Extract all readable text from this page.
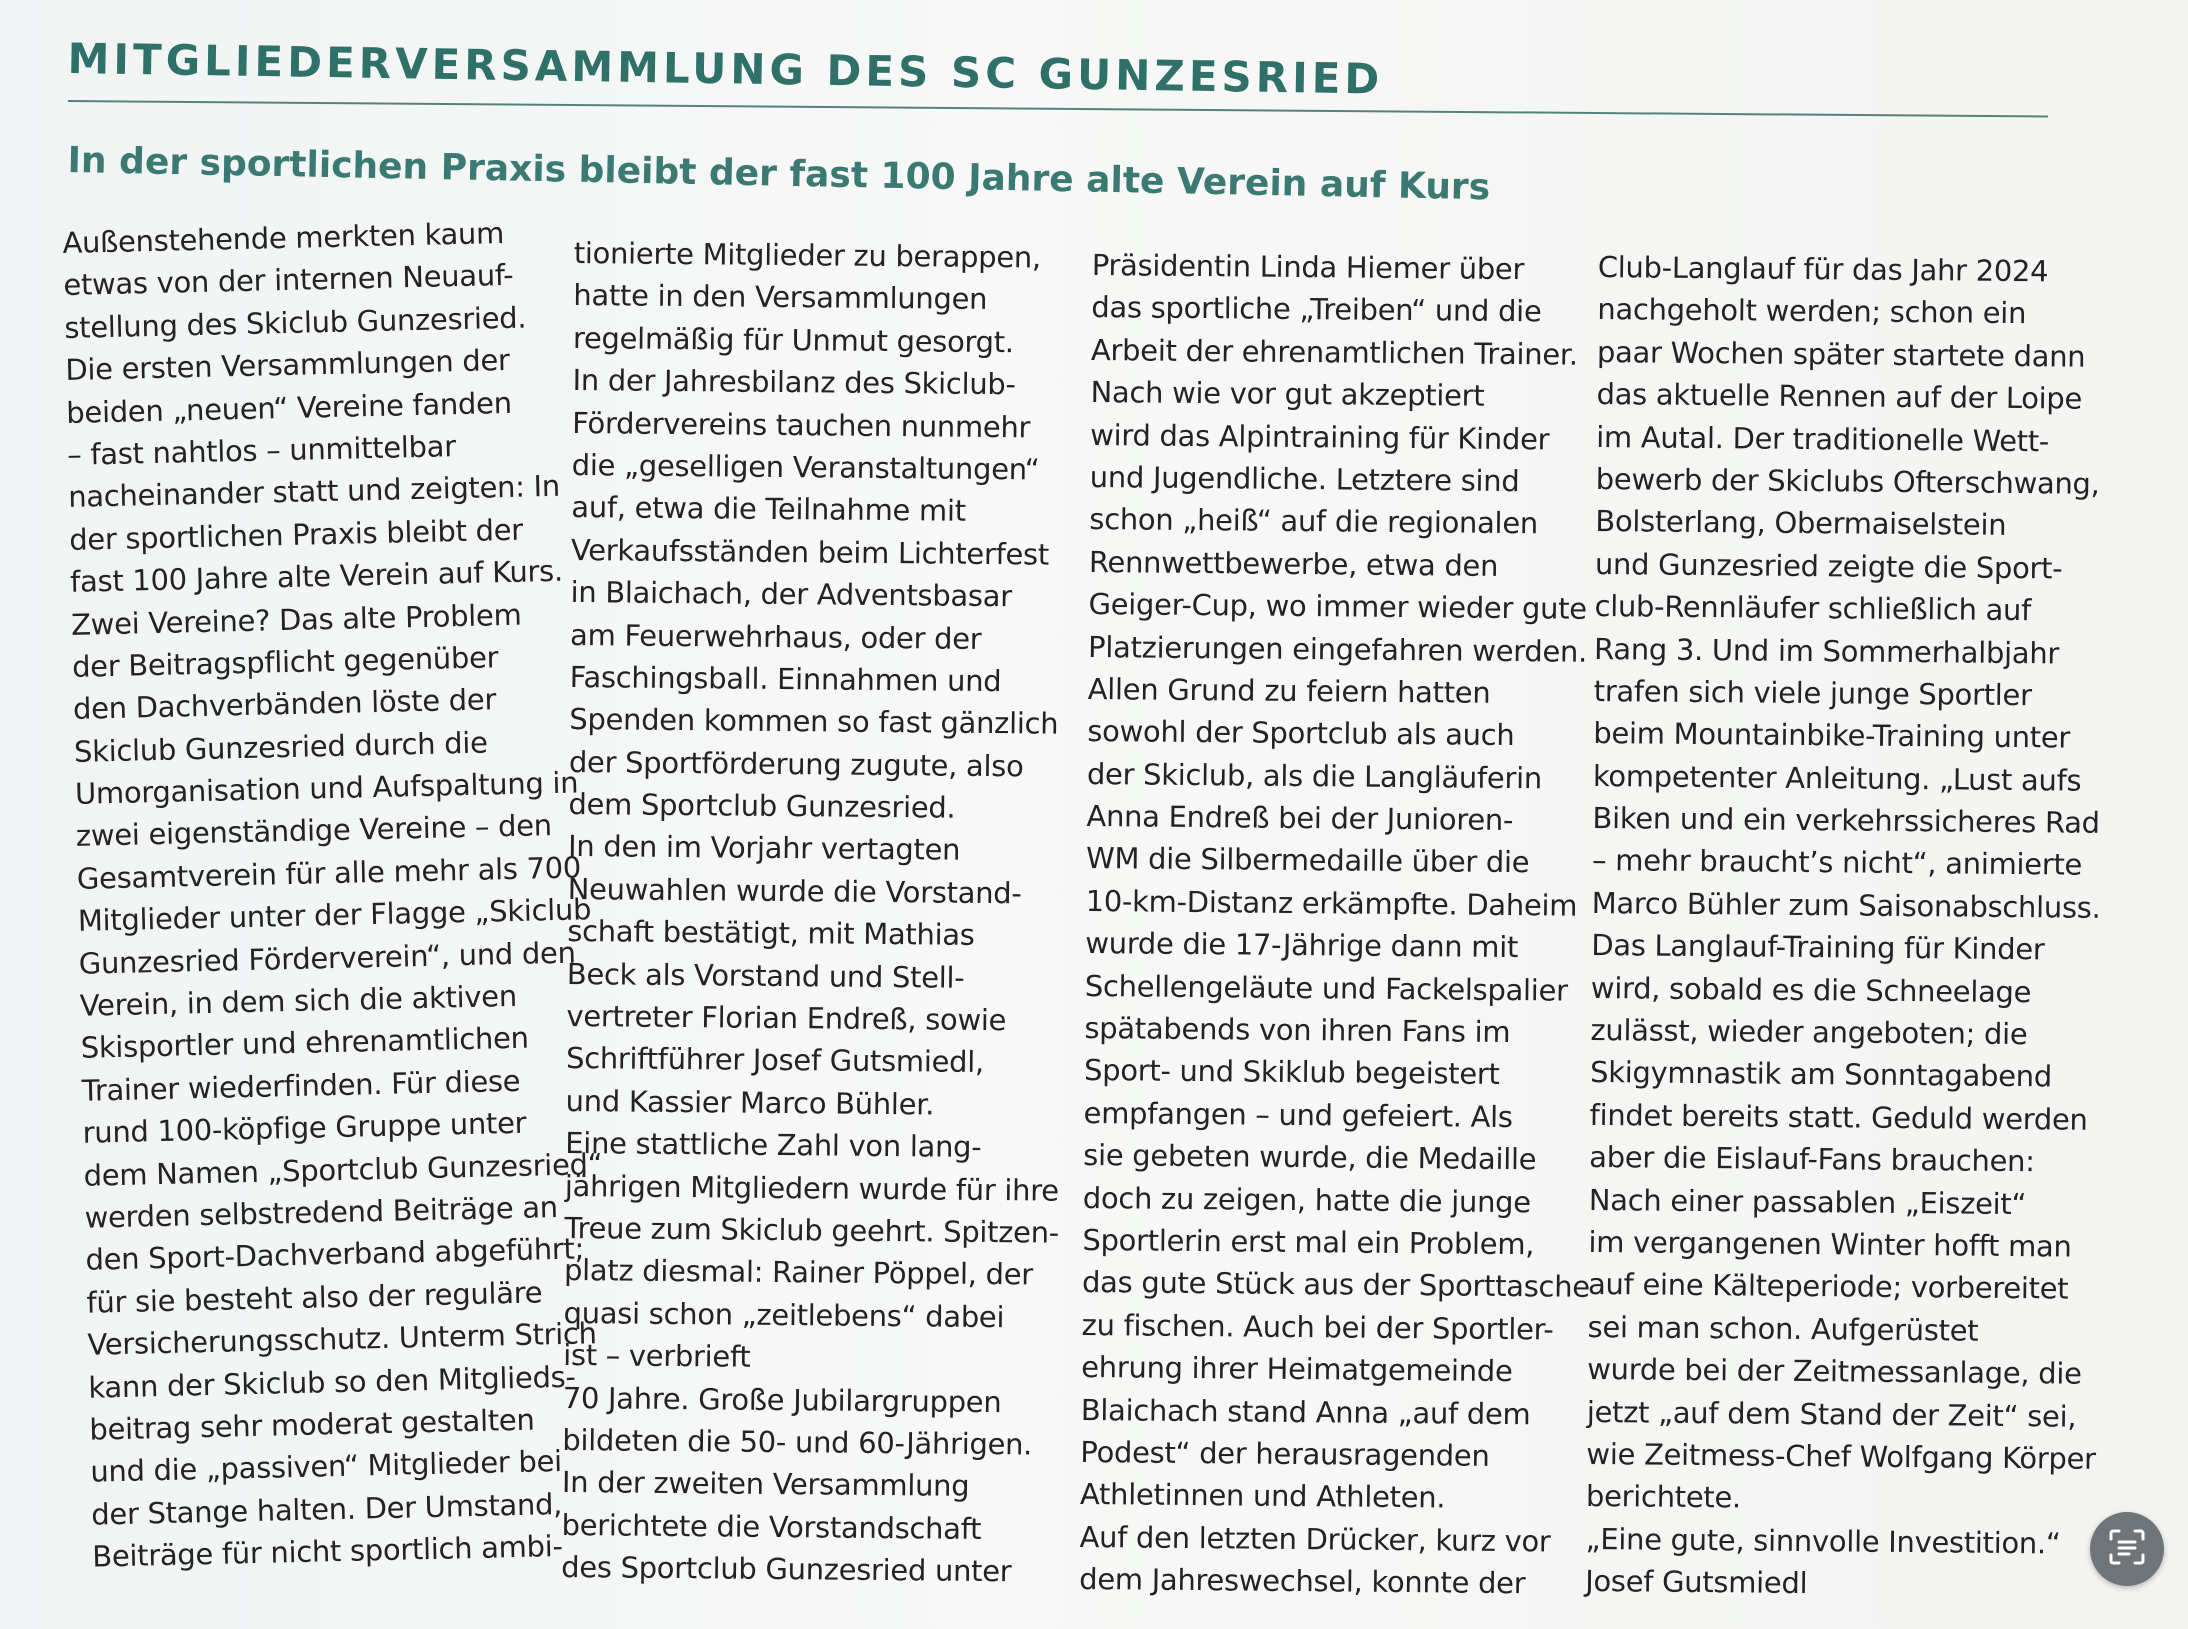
MITGLIEDERVERSAMMLUNG DES SC GUNZESRIED
In der sportlichen Praxis bleibt der fast 100 Jahre alte Verein auf Kurs
Außenstehende merkten kaum
etwas von der internen Neuauf-
stellung des Skiclub Gunzesried.
Die ersten Versammlungen der
beiden „neuen“ Vereine fanden
– fast nahtlos – unmittelbar
nacheinander statt und zeigten: In
der sportlichen Praxis bleibt der
fast 100 Jahre alte Verein auf Kurs.
Zwei Vereine? Das alte Problem
der Beitragspflicht gegenüber
den Dachverbänden löste der
Skiclub Gunzesried durch die
Umorganisation und Aufspaltung in
zwei eigenständige Vereine – den
Gesamtverein für alle mehr als 700
Mitglieder unter der Flagge „Skiclub
Gunzesried Förderverein“, und den
Verein, in dem sich die aktiven
Skisportler und ehrenamtlichen
Trainer wiederfinden. Für diese
rund 100-köpfige Gruppe unter
dem Namen „Sportclub Gunzesried“
werden selbstredend Beiträge an
den Sport-Dachverband abgeführt;
für sie besteht also der reguläre
Versicherungsschutz. Unterm Strich
kann der Skiclub so den Mitglieds-
beitrag sehr moderat gestalten
und die „passiven“ Mitglieder bei
der Stange halten. Der Umstand,
Beiträge für nicht sportlich ambi-
tionierte Mitglieder zu berappen,
hatte in den Versammlungen
regelmäßig für Unmut gesorgt.
In der Jahresbilanz des Skiclub-
Fördervereins tauchen nunmehr
die „geselligen Veranstaltungen“
auf, etwa die Teilnahme mit
Verkaufsständen beim Lichterfest
in Blaichach, der Adventsbasar
am Feuerwehrhaus, oder der
Faschingsball. Einnahmen und
Spenden kommen so fast gänzlich
der Sportförderung zugute, also
dem Sportclub Gunzesried.
In den im Vorjahr vertagten
Neuwahlen wurde die Vorstand-
schaft bestätigt, mit Mathias
Beck als Vorstand und Stell-
vertreter Florian Endreß, sowie
Schriftführer Josef Gutsmiedl,
und Kassier Marco Bühler.
Eine stattliche Zahl von lang-
jährigen Mitgliedern wurde für ihre
Treue zum Skiclub geehrt. Spitzen-
platz diesmal: Rainer Pöppel, der
quasi schon „zeitlebens“ dabei
ist – verbrieft
70 Jahre. Große Jubilargruppen
bildeten die 50- und 60-Jährigen.
In der zweiten Versammlung
berichtete die Vorstandschaft
des Sportclub Gunzesried unter
Präsidentin Linda Hiemer über
das sportliche „Treiben“ und die
Arbeit der ehrenamtlichen Trainer.
Nach wie vor gut akzeptiert
wird das Alpintraining für Kinder
und Jugendliche. Letztere sind
schon „heiß“ auf die regionalen
Rennwettbewerbe, etwa den
Geiger-Cup, wo immer wieder gute
Platzierungen eingefahren werden.
Allen Grund zu feiern hatten
sowohl der Sportclub als auch
der Skiclub, als die Langläuferin
Anna Endreß bei der Junioren-
WM die Silbermedaille über die
10-km-Distanz erkämpfte. Daheim
wurde die 17-Jährige dann mit
Schellengeläute und Fackelspalier
spätabends von ihren Fans im
Sport- und Skiklub begeistert
empfangen – und gefeiert. Als
sie gebeten wurde, die Medaille
doch zu zeigen, hatte die junge
Sportlerin erst mal ein Problem,
das gute Stück aus der Sporttasche
zu fischen. Auch bei der Sportler-
ehrung ihrer Heimatgemeinde
Blaichach stand Anna „auf dem
Podest“ der herausragenden
Athletinnen und Athleten.
Auf den letzten Drücker, kurz vor
dem Jahreswechsel, konnte der
Club-Langlauf für das Jahr 2024
nachgeholt werden; schon ein
paar Wochen später startete dann
das aktuelle Rennen auf der Loipe
im Autal. Der traditionelle Wett-
bewerb der Skiclubs Ofterschwang,
Bolsterlang, Obermaiselstein
und Gunzesried zeigte die Sport-
club-Rennläufer schließlich auf
Rang 3. Und im Sommerhalbjahr
trafen sich viele junge Sportler
beim Mountainbike-Training unter
kompetenter Anleitung. „Lust aufs
Biken und ein verkehrssicheres Rad
– mehr braucht’s nicht“, animierte
Marco Bühler zum Saisonabschluss.
Das Langlauf-Training für Kinder
wird, sobald es die Schneelage
zulässt, wieder angeboten; die
Skigymnastik am Sonntagabend
findet bereits statt. Geduld werden
aber die Eislauf-Fans brauchen:
Nach einer passablen „Eiszeit“
im vergangenen Winter hofft man
auf eine Kälteperiode; vorbereitet
sei man schon. Aufgerüstet
wurde bei der Zeitmessanlage, die
jetzt „auf dem Stand der Zeit“ sei,
wie Zeitmess-Chef Wolfgang Körper
berichtete.
„Eine gute, sinnvolle Investition.“
Josef Gutsmiedl
